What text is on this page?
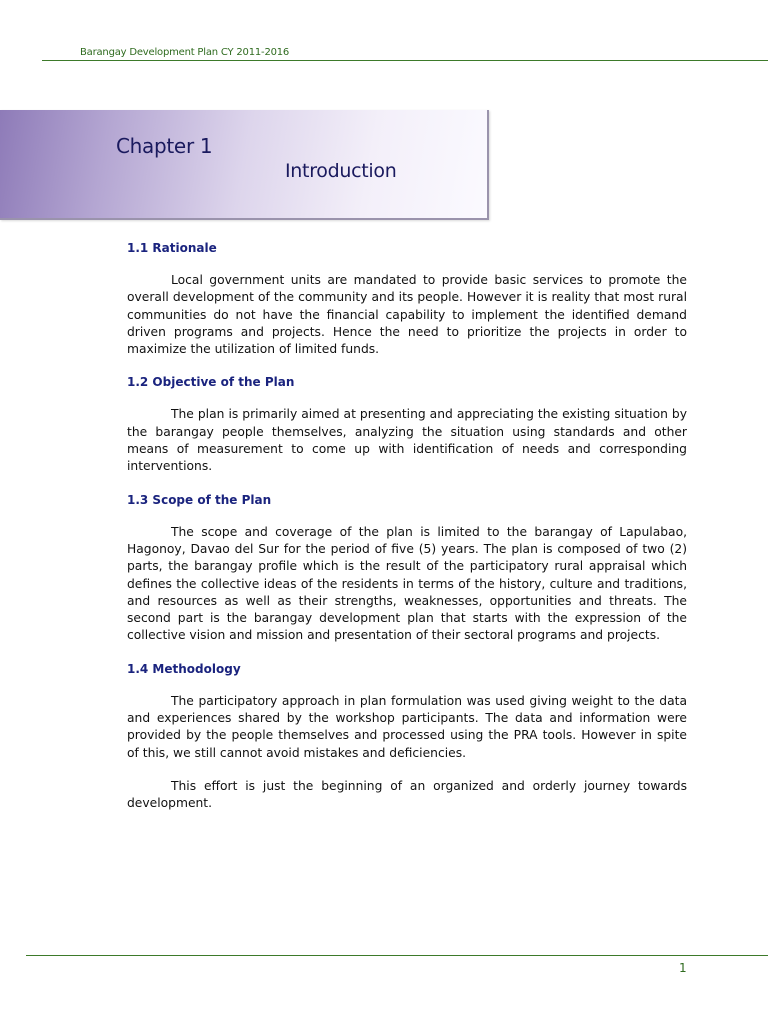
Barangay Development Plan CY 2011-2016
Chapter 1
Introduction
1.1 Rationale

Local government units are mandated to provide basic services to promote the overall development of the community and its people. However it is reality that most rural communities do not have the financial capability to implement the identified demand driven programs and projects. Hence the need to prioritize the projects in order to maximize the utilization of limited funds.

1.2 Objective of the Plan

The plan is primarily aimed at presenting and appreciating the existing situation by the barangay people themselves, analyzing the situation using standards and other means of measurement to come up with identification of needs and corresponding interventions.

1.3 Scope of the Plan

The scope and coverage of the plan is limited to the barangay of Lapulabao, Hagonoy, Davao del Sur for the period of five (5) years. The plan is composed of two (2) parts, the barangay profile which is the result of the participatory rural appraisal which defines the collective ideas of the residents in terms of the history, culture and traditions, and resources as well as their strengths, weaknesses, opportunities and threats. The second part is the barangay development plan that starts with the expression of the collective vision and mission and presentation of their sectoral programs and projects.

1.4 Methodology

The participatory approach in plan formulation was used giving weight to the data and experiences shared by the workshop participants. The data and information were provided by the people themselves and processed using the PRA tools. However in spite of this, we still cannot avoid mistakes and deficiencies.

This effort is just the beginning of an organized and orderly journey towards development.

1
